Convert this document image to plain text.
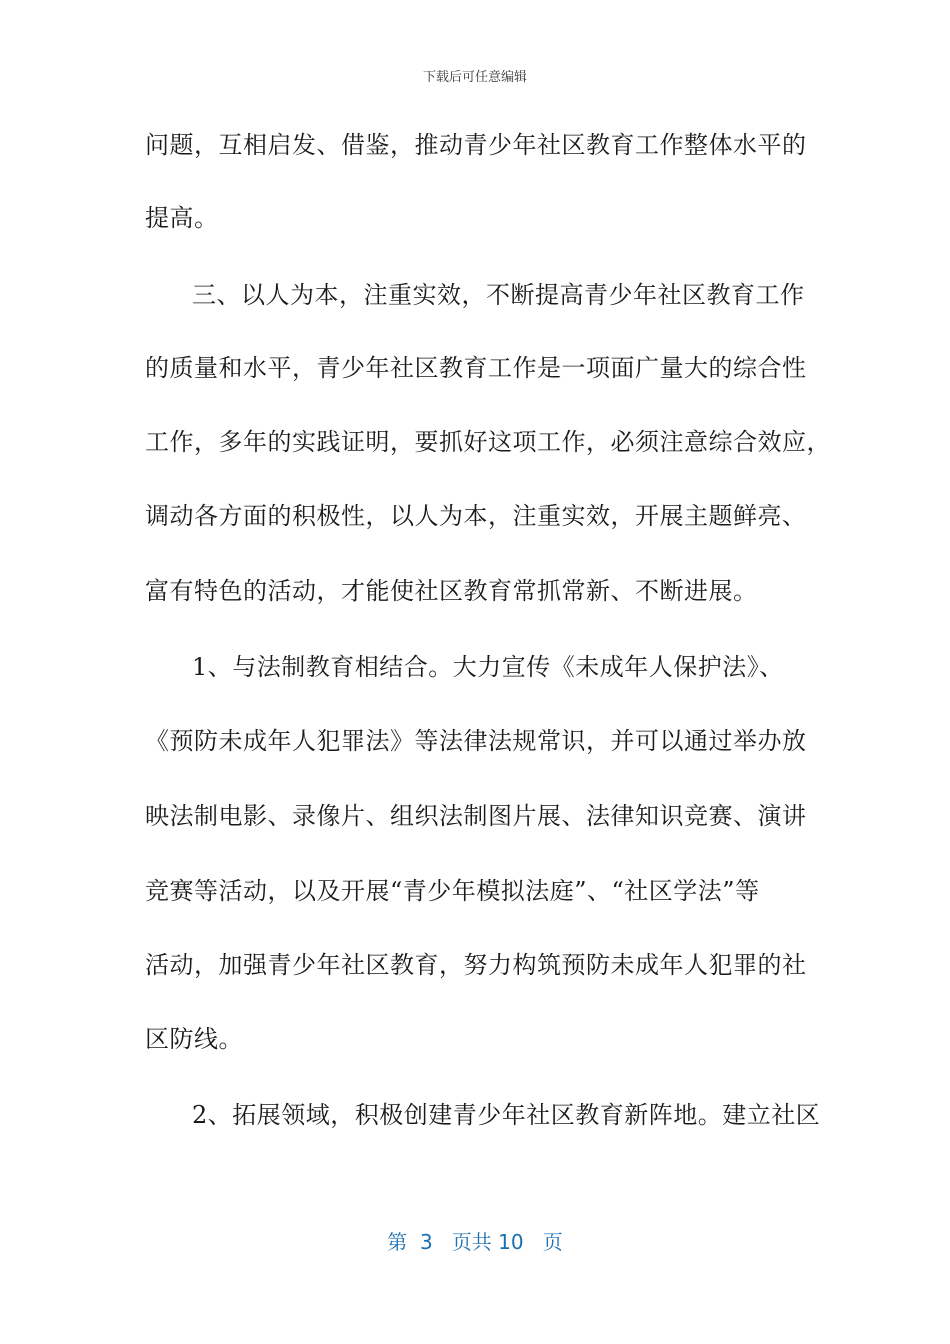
下载后可任意编辑
问题，互相启发、借鉴，推动青少年社区教育工作整体水平的
提高。
三、以人为本，注重实效，不断提高青少年社区教育工作
的质量和水平，青少年社区教育工作是一项面广量大的综合性
工作，多年的实践证明，要抓好这项工作，必须注意综合效应，
调动各方面的积极性，以人为本，注重实效，开展主题鲜亮、
富有特色的活动，才能使社区教育常抓常新、不断进展。
1、与法制教育相结合。大力宣传《未成年人保护法》、
《预防未成年人犯罪法》等法律法规常识，并可以通过举办放
映法制电影、录像片、组织法制图片展、法律知识竞赛、演讲
竞赛等活动，以及开展“青少年模拟法庭”、“社区学法”等
活动，加强青少年社区教育，努力构筑预防未成年人犯罪的社
区防线。
2、拓展领域，积极创建青少年社区教育新阵地。建立社区
第 3 页共 10 页
